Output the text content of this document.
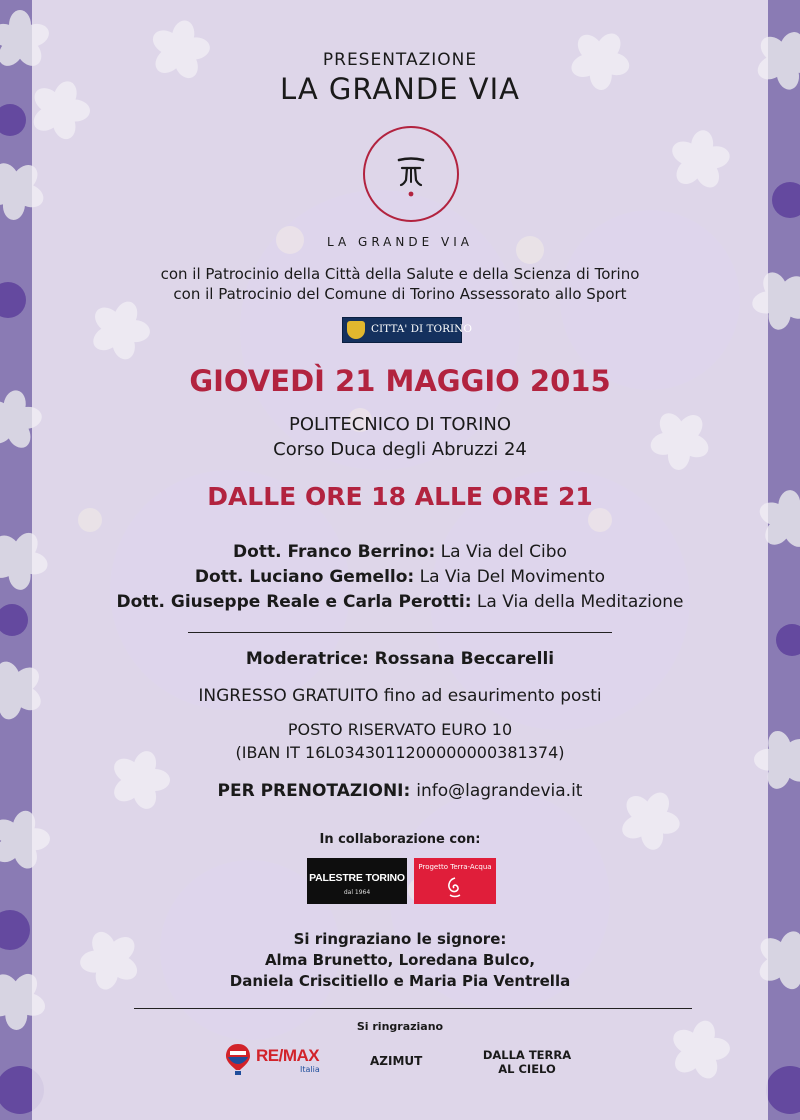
PRESENTAZIONE
LA GRANDE VIA
LA GRANDE VIA
con il Patrocinio della Città della Salute e della Scienza di Torino
con il Patrocinio del Comune di Torino Assessorato allo Sport
CITTA' DI TORINO
GIOVEDÌ 21 MAGGIO 2015
POLITECNICO DI TORINO
Corso Duca degli Abruzzi 24
DALLE ORE 18 ALLE ORE 21
Dott. Franco Berrino: La Via del Cibo
Dott. Luciano Gemello: La Via Del Movimento
Dott. Giuseppe Reale e Carla Perotti: La Via della Meditazione
Moderatrice: Rossana Beccarelli
INGRESSO GRATUITO fino ad esaurimento posti
POSTO RISERVATO EURO 10
(IBAN IT 16L0343011200000000381374)
PER PRENOTAZIONI: info@lagrandevia.it
In collaborazione con:
PALESTRE TORINO
dal 1964
Progetto Terra-Acqua
Si ringraziano le signore:
Alma Brunetto, Loredana Bulco,
Daniela Criscitiello e Maria Pia Ventrella
Si ringraziano
RE/MAX
Italia
AZIMUT	DALLA TERRA
AL CIELO
